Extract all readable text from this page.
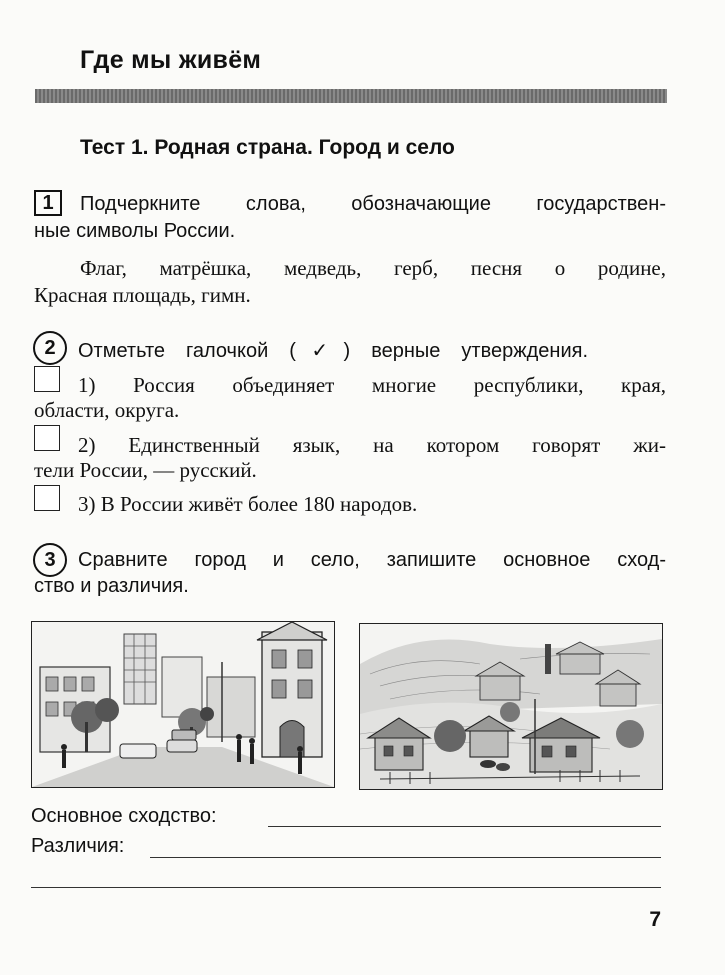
Где мы живём
Тест 1. Родная страна. Город и село
1	Подчеркните слова, обозначающие государствен-
ные символы России.
Флаг, матрёшка, медведь, герб, песня о родине,
Красная площадь, гимн.
2	Отметьте галочкой (✓) верные утверждения.
1) Россия объединяет многие республики, края,
области, округа.
2) Единственный язык, на котором говорят жи-
тели России, — русский.
3) В России живёт более 180 народов.
3	Сравните город и село, запишите основное сход-
ство и различия.
Основное сходство:
Различия:
7
